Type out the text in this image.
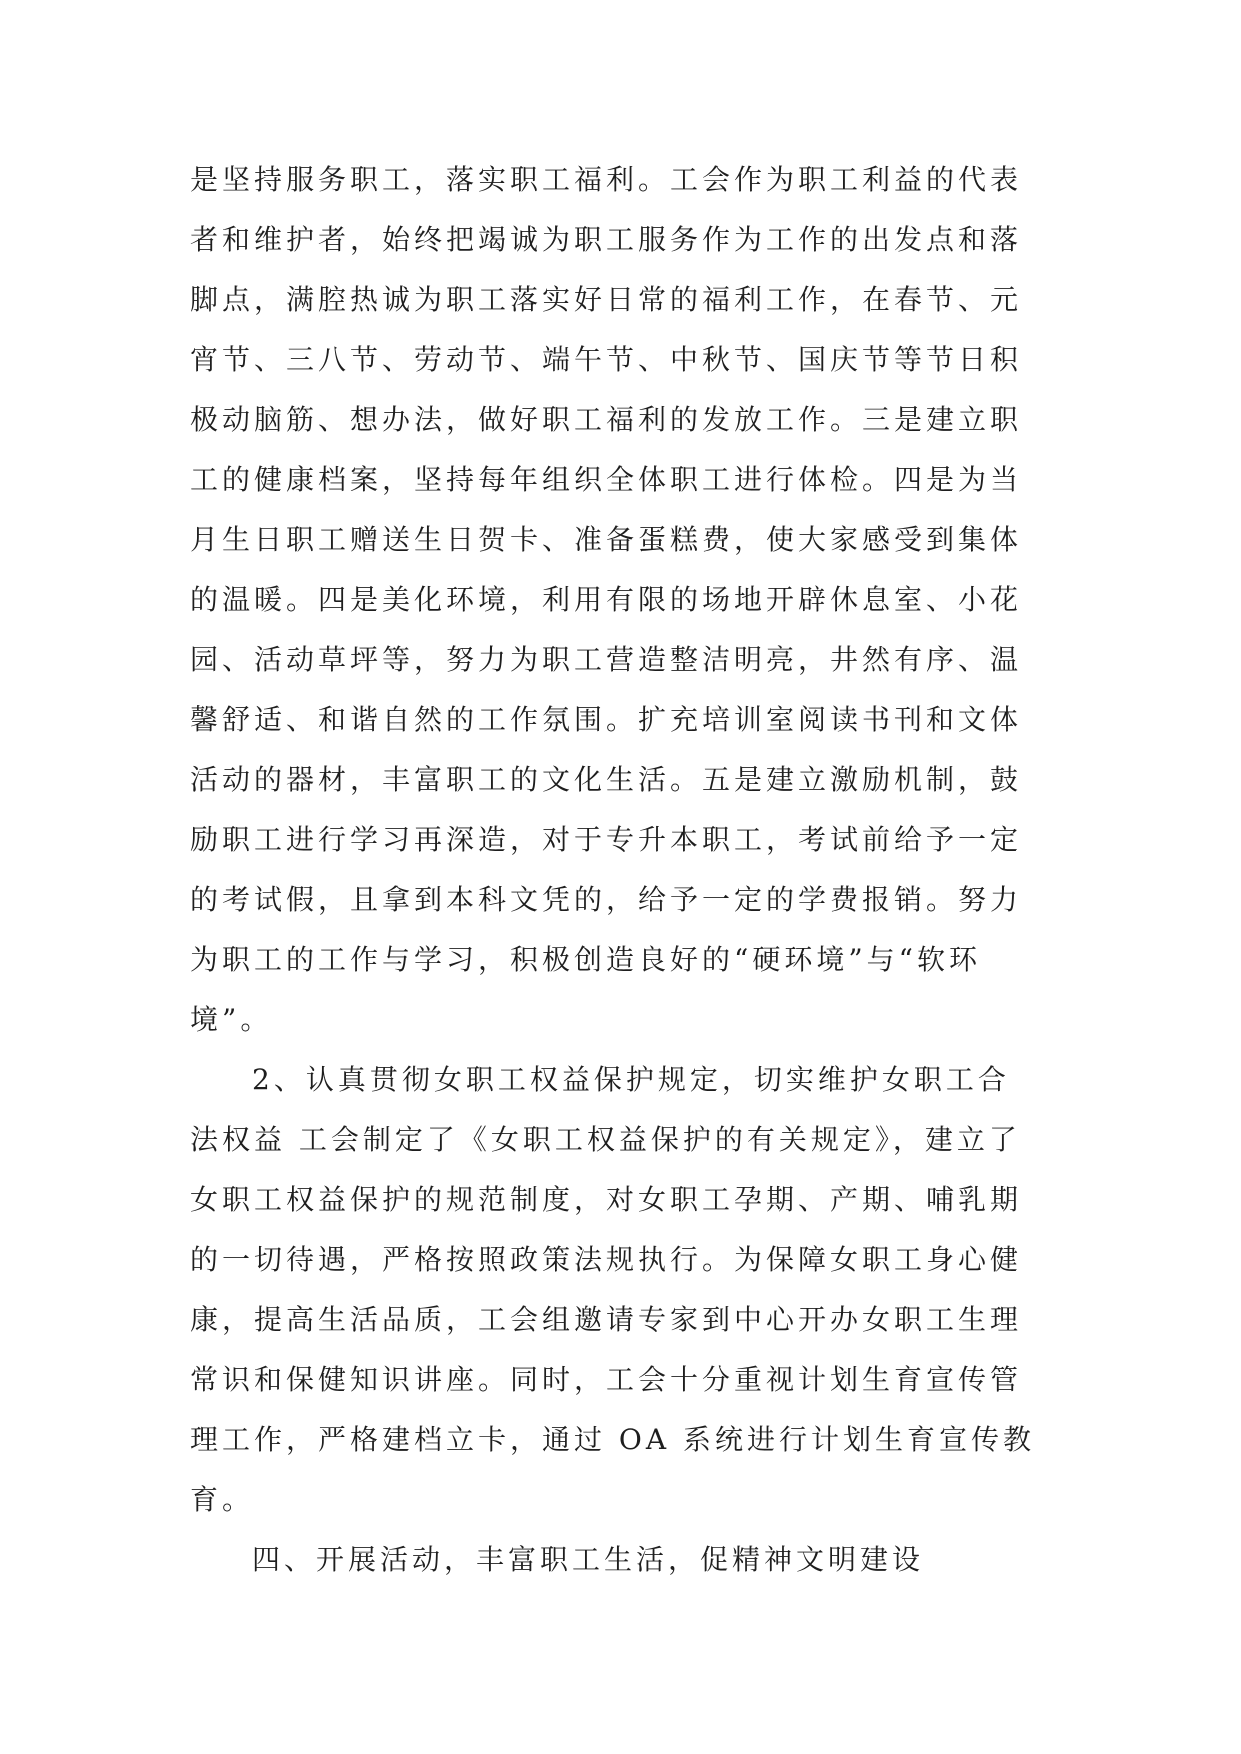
是坚持服务职工，落实职工福利。工会作为职工利益的代表
者和维护者，始终把竭诚为职工服务作为工作的出发点和落
脚点，满腔热诚为职工落实好日常的福利工作，在春节、元
宵节、三八节、劳动节、端午节、中秋节、国庆节等节日积
极动脑筋、想办法，做好职工福利的发放工作。三是建立职
工的健康档案，坚持每年组织全体职工进行体检。四是为当
月生日职工赠送生日贺卡、准备蛋糕费，使大家感受到集体
的温暖。四是美化环境，利用有限的场地开辟休息室、小花
园、活动草坪等，努力为职工营造整洁明亮，井然有序、温
馨舒适、和谐自然的工作氛围。扩充培训室阅读书刊和文体
活动的器材，丰富职工的文化生活。五是建立激励机制，鼓
励职工进行学习再深造，对于专升本职工，考试前给予一定
的考试假，且拿到本科文凭的，给予一定的学费报销。努力
为职工的工作与学习，积极创造良好的“硬环境”与“软环
境”。
2、认真贯彻女职工权益保护规定，切实维护女职工合
法权益 工会制定了《女职工权益保护的有关规定》，建立了
女职工权益保护的规范制度，对女职工孕期、产期、哺乳期
的一切待遇，严格按照政策法规执行。为保障女职工身心健
康，提高生活品质，工会组邀请专家到中心开办女职工生理
常识和保健知识讲座。同时，工会十分重视计划生育宣传管
理工作，严格建档立卡，通过 OA 系统进行计划生育宣传教
育。
四、开展活动，丰富职工生活，促精神文明建设
